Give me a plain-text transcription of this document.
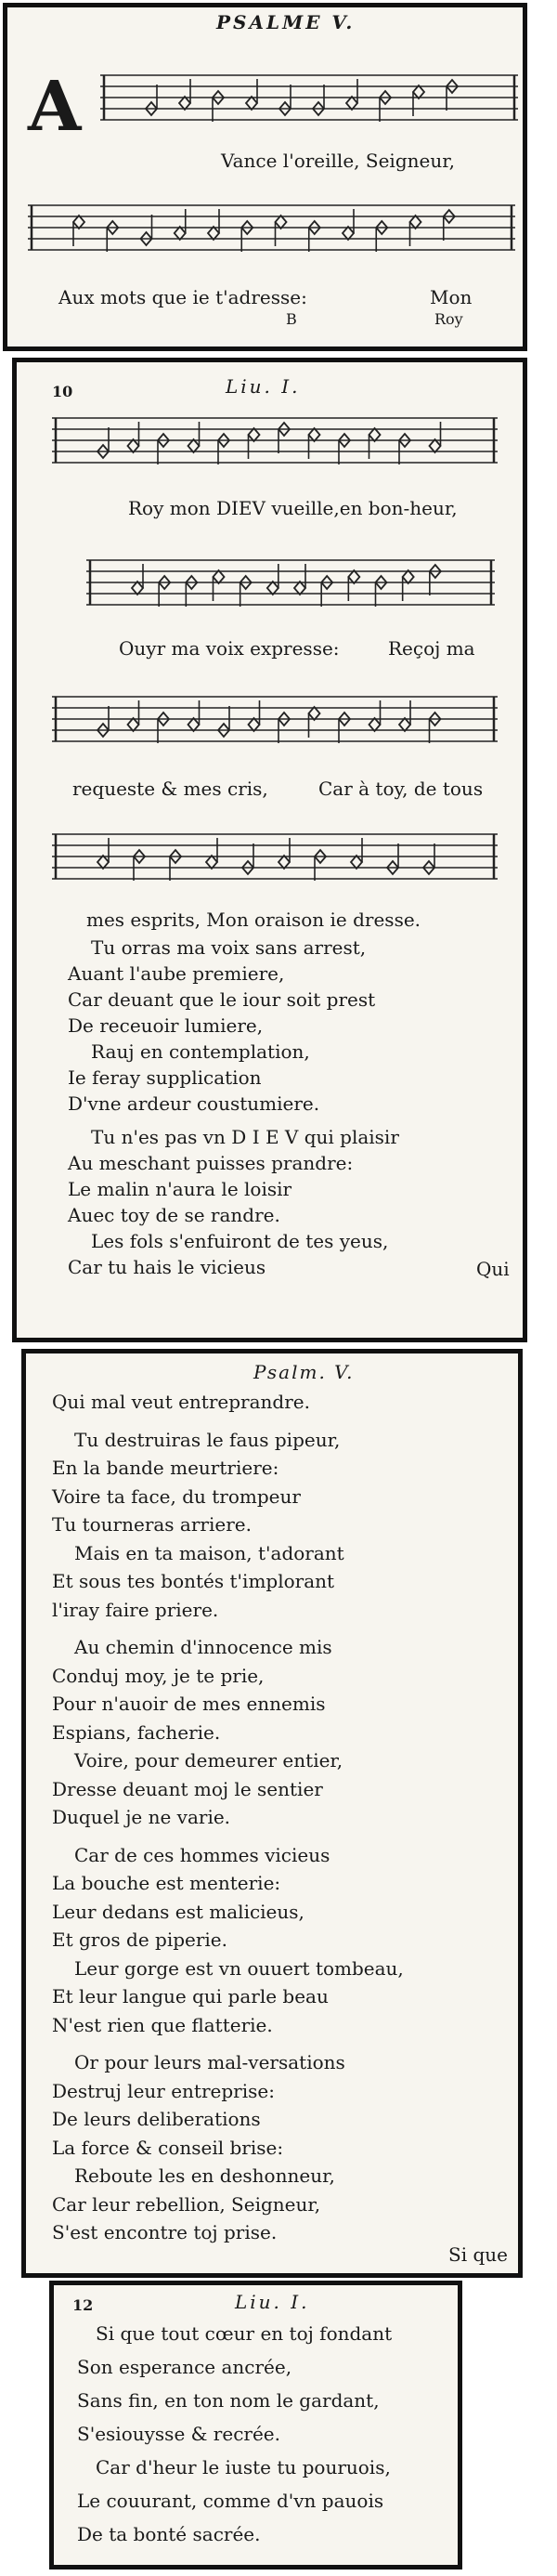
PSALME V.
A
Vance l'oreille, Seigneur,
Aux mots que ie t'adresse:	Mon
B	Roy
10	Liu. I.
Roy mon DIEV vueille,en bon-heur,
Ouyr ma voix expresse:	Reçoj ma
requeste & mes cris,	Car à toy, de tous
mes esprits, Mon oraison ie dresse.
Tu orras ma voix sans arrest,
Auant l'aube premiere,
Car deuant que le iour soit prest
De receuoir lumiere,
Rauj en contemplation,
Ie feray supplication
D'vne ardeur coustumiere.
Tu n'es pas vn D I E V qui plaisir
Au meschant puisses prandre:
Le malin n'aura le loisir
Auec toy de se randre.
Les fols s'enfuiront de tes yeus,
Car tu hais le vicieus	Qui
Psalm. V.
Qui mal veut entreprandre.
Tu destruiras le faus pipeur,
En la bande meurtriere:
Voire ta face, du trompeur
Tu tourneras arriere.
Mais en ta maison, t'adorant
Et sous tes bontés t'implorant
l'iray faire priere.
Au chemin d'innocence mis
Conduj moy, je te prie,
Pour n'auoir de mes ennemis
Espians, facherie.
Voire, pour demeurer entier,
Dresse deuant moj le sentier
Duquel je ne varie.
Car de ces hommes vicieus
La bouche est menterie:
Leur dedans est malicieus,
Et gros de piperie.
Leur gorge est vn ouuert tombeau,
Et leur langue qui parle beau
N'est rien que flatterie.
Or pour leurs mal-versations
Destruj leur entreprise:
De leurs deliberations
La force & conseil brise:
Reboute les en deshonneur,
Car leur rebellion, Seigneur,
S'est encontre toj prise.
Si que
12	Liu. I.
Si que tout cœur en toj fondant
Son esperance ancrée,
Sans fin, en ton nom le gardant,
S'esiouysse & recrée.
Car d'heur le iuste tu pouruois,
Le couurant, comme d'vn pauois
De ta bonté sacrée.
